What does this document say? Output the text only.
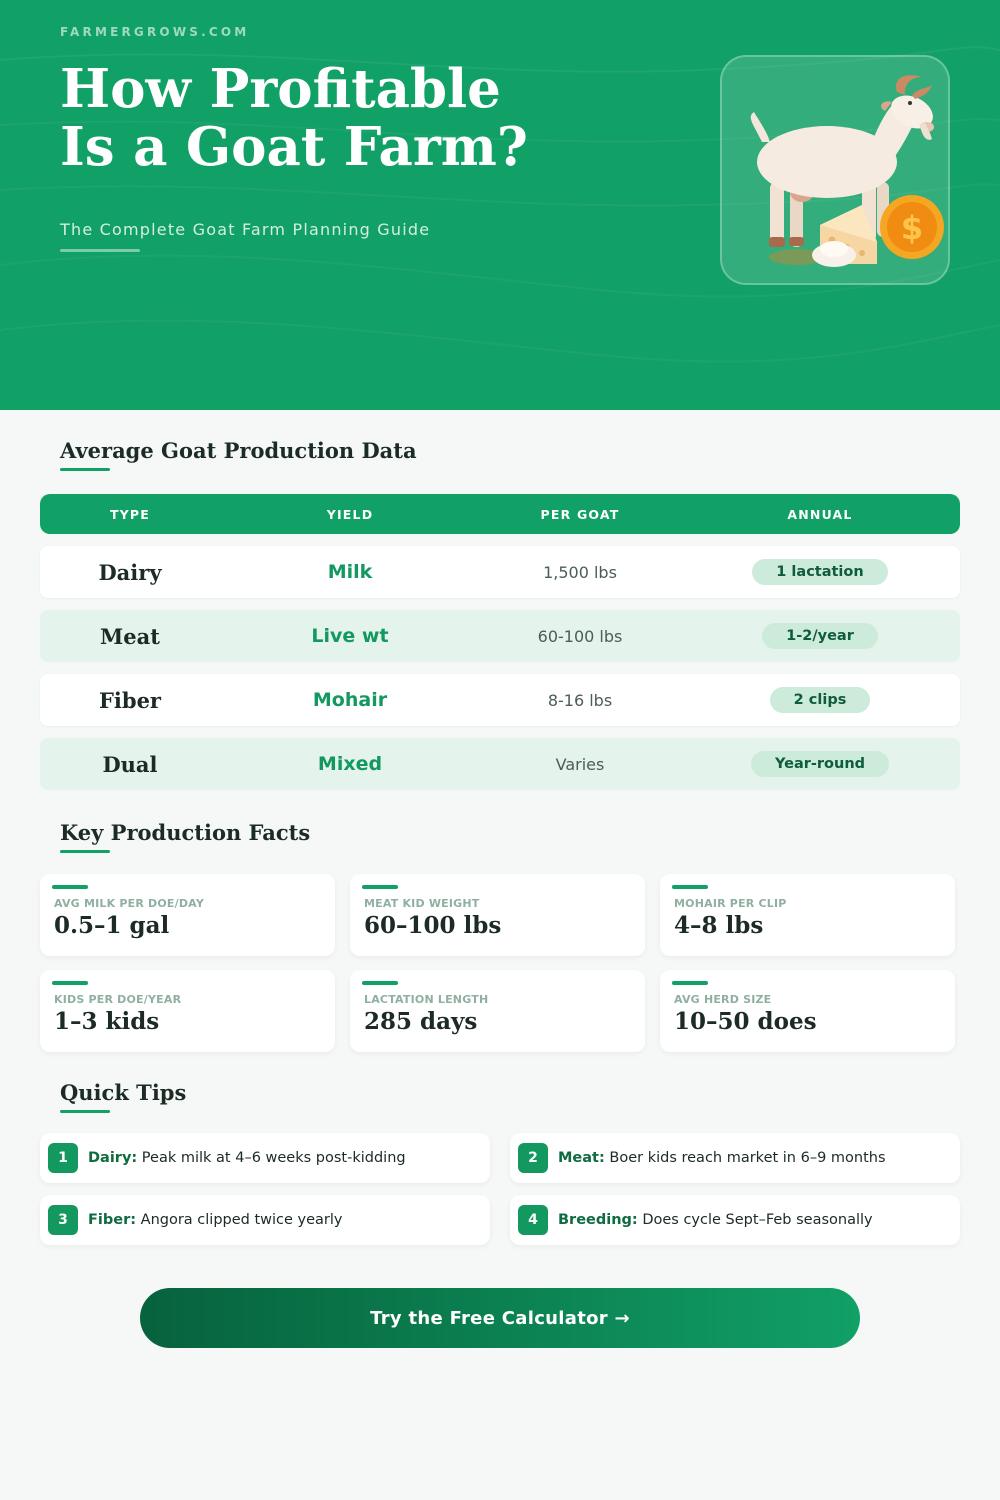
FARMERGROWS.COM
How Profitable
Is a Goat Farm?
The Complete Goat Farm Planning Guide	$
Average Goat Production Data
TYPE	YIELD	PER GOAT	ANNUAL
Dairy	Milk	1,500 lbs	1 lactation
Meat	Live wt	60-100 lbs	1-2/year
Fiber	Mohair	8-16 lbs	2 clips
Dual	Mixed	Varies	Year-round
Key Production Facts
AVG MILK PER DOE/DAY
0.5–1 gal
MEAT KID WEIGHT
60–100 lbs
MOHAIR PER CLIP
4–8 lbs
KIDS PER DOE/YEAR
1–3 kids
LACTATION LENGTH
285 days
AVG HERD SIZE
10–50 does
Quick Tips
1	Dairy: Peak milk at 4–6 weeks post-kidding	2	Meat: Boer kids reach market in 6–9 months
3	Fiber: Angora clipped twice yearly	4	Breeding: Does cycle Sept–Feb seasonally
Try the Free Calculator →
